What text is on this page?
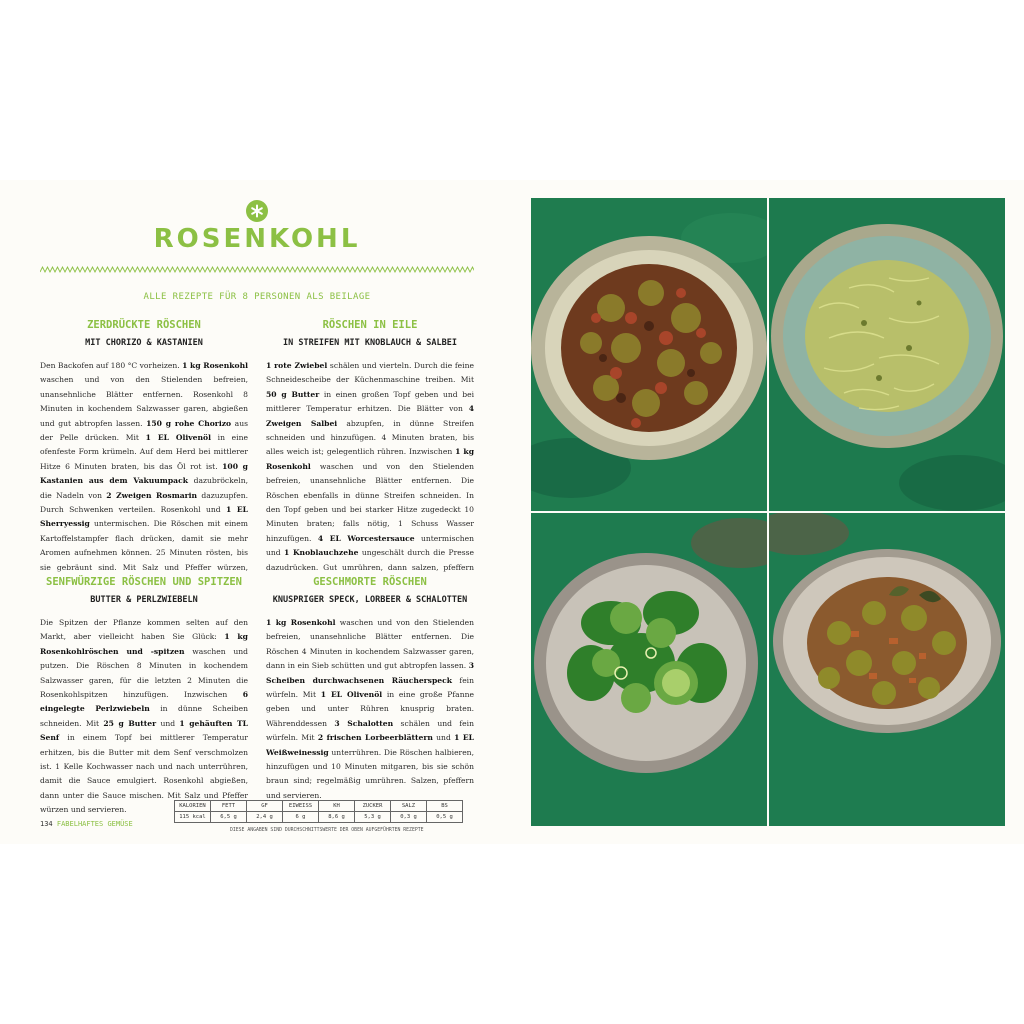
ROSENKOHL
ALLE REZEPTE FÜR 8 PERSONEN ALS BEILAGE
ZERDRÜCKTE RÖSCHEN
MIT CHORIZO & KASTANIEN

Den Backofen auf 180 °C vorheizen. 1 kg Rosenkohl waschen und von den Stielenden befreien, unansehnliche Blätter entfernen. Rosenkohl 8 Minuten in kochendem Salzwasser garen, abgießen und gut abtropfen lassen. 150 g rohe Chorizo aus der Pelle drücken. Mit 1 EL Olivenöl in eine ofenfeste Form krümeln. Auf dem Herd bei mittlerer Hitze 6 Minuten braten, bis das Öl rot ist. 100 g Kastanien aus dem Vakuumpack dazubröckeln, die Nadeln von 2 Zweigen Rosmarin dazuzupfen. Durch Schwenken verteilen. Rosenkohl und 1 EL Sherryessig untermischen. Die Röschen mit einem Kartoffelstampfer flach drücken, damit sie mehr Aromen aufnehmen können. 25 Minuten rösten, bis sie gebräunt sind. Mit Salz und Pfeffer würzen,

RÖSCHEN IN EILE
IN STREIFEN MIT KNOBLAUCH & SALBEI

1 rote Zwiebel schälen und vierteln. Durch die feine Schneidescheibe der Küchenmaschine treiben. Mit 50 g Butter in einen großen Topf geben und bei mittlerer Temperatur erhitzen. Die Blätter von 4 Zweigen Salbei abzupfen, in dünne Streifen schneiden und hinzufügen. 4 Minuten braten, bis alles weich ist; gelegentlich rühren. Inzwischen 1 kg Rosenkohl waschen und von den Stielenden befreien, unansehnliche Blätter entfernen. Die Röschen ebenfalls in dünne Streifen schneiden. In den Topf geben und bei starker Hitze zugedeckt 10 Minuten braten; falls nötig, 1 Schuss Wasser hinzufügen. 4 EL Worcestersauce untermischen und 1 Knoblauchzehe ungeschält durch die Presse dazudrücken. Gut umrühren, dann salzen, pfeffern

SENFWÜRZIGE RÖSCHEN UND SPITZEN
BUTTER & PERLZWIEBELN

Die Spitzen der Pflanze kommen selten auf den Markt, aber vielleicht haben Sie Glück: 1 kg Rosenkohlröschen und -spitzen waschen und putzen. Die Röschen 8 Minuten in kochendem Salzwasser garen, für die letzten 2 Minuten die Rosenkohlspitzen hinzufügen. Inzwischen 6 eingelegte Perlzwiebeln in dünne Scheiben schneiden. Mit 25 g Butter und 1 gehäuften TL Senf in einem Topf bei mittlerer Temperatur erhitzen, bis die Butter mit dem Senf verschmolzen ist. 1 Kelle Kochwasser nach und nach unterrühren, damit die Sauce emulgiert. Rosenkohl abgießen, dann unter die Sauce mischen. Mit Salz und Pfeffer würzen und servieren.

GESCHMORTE RÖSCHEN
KNUSPRIGER SPECK, LORBEER & SCHALOTTEN

1 kg Rosenkohl waschen und von den Stielenden befreien, unansehnliche Blätter entfernen. Die Röschen 4 Minuten in kochendem Salzwasser garen, dann in ein Sieb schütten und gut abtropfen lassen. 3 Scheiben durchwachsenen Räucherspeck fein würfeln. Mit 1 EL Olivenöl in eine große Pfanne geben und unter Rühren knusprig braten. Währenddessen 3 Schalotten schälen und fein würfeln. Mit 2 frischen Lorbeerblättern und 1 EL Weißweinessig unterrühren. Die Röschen halbieren, hinzufügen und 10 Minuten mitgaren, bis sie schön braun sind; regelmäßig umrühren. Salzen, pfeffern und servieren.

134 FABELHAFTES GEMÜSE
KALORIEN	FETT	GF	EIWEISS	KH	ZUCKER	SALZ	BS
115 kcal	6,5 g	2,4 g	6 g	8,6 g	5,3 g	0,3 g	0,5 g
DIESE ANGABEN SIND DURCHSCHNITTSWERTE DER OBEN AUFGEFÜHRTEN REZEPTE
